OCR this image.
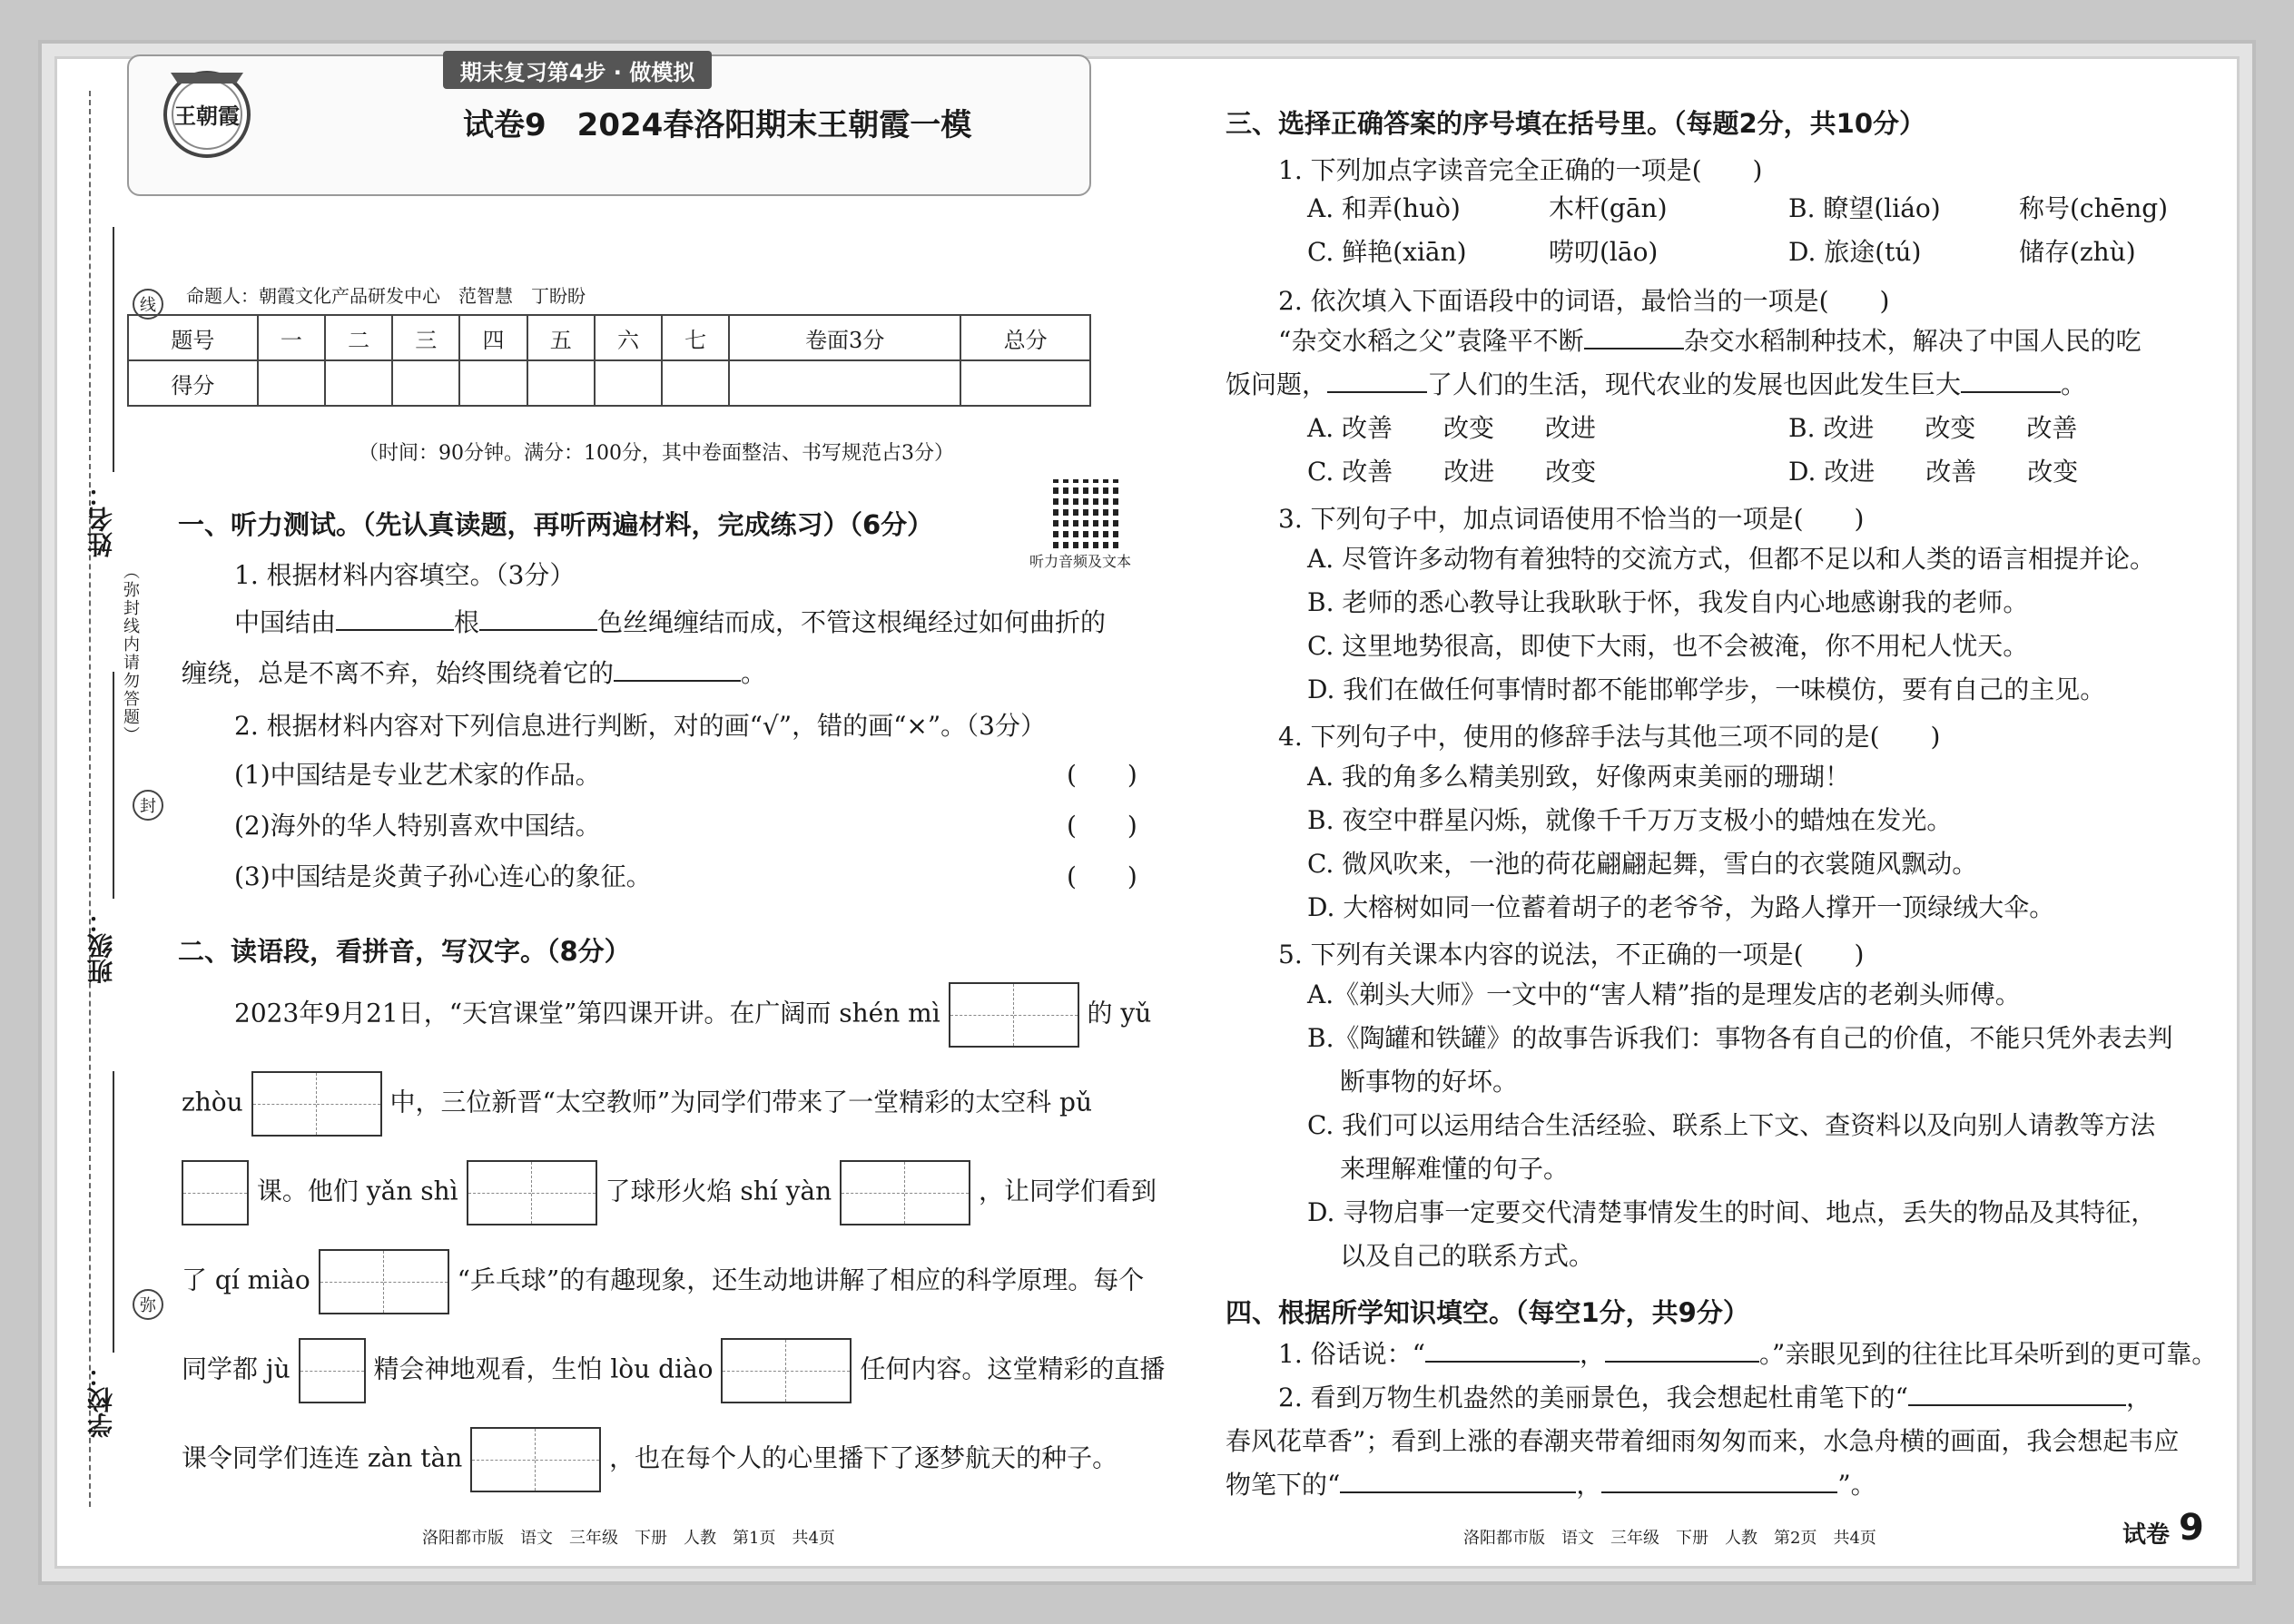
线
封
弥
（弥封线内请勿答题）
姓名：
班级：
学校：
期末复习第4步 · 做模拟
王朝霞	试卷9　2024春洛阳期末王朝霞一模
命题人：朝霞文化产品研发中心　范智慧　丁盼盼
题号	一	二	三	四	五	六	七	卷面3分	总分
得分									
（时间：90分钟。满分：100分，其中卷面整洁、书写规范占3分）
听力音频及文本
一、听力测试。（先认真读题，再听两遍材料，完成练习）（6分）
1. 根据材料内容填空。（3分）
中国结由	根	色丝绳缠结而成，不管这根绳经过如何曲折的
缠绕，总是不离不弃，始终围绕着它的	。
2. 根据材料内容对下列信息进行判断，对的画“√”，错的画“×”。（3分）
(1)中国结是专业艺术家的作品。	(　　)
(2)海外的华人特别喜欢中国结。	(　　)
(3)中国结是炎黄子孙心连心的象征。	(　　)
二、读语段，看拼音，写汉字。（8分）
2023年9月21日，“天宫课堂”第四课开讲。在广阔而 shén mì	的 yǔ
zhòu	中，三位新晋“太空教师”为同学们带来了一堂精彩的太空科 pǔ
课。他们 yǎn shì	了球形火焰 shí yàn	，让同学们看到
了 qí miào	“乒乓球”的有趣现象，还生动地讲解了相应的科学原理。每个
同学都 jù	精会神地观看，生怕 lòu diào	任何内容。这堂精彩的直播
课令同学们连连 zàn tàn	，也在每个人的心里播下了逐梦航天的种子。
三、选择正确答案的序号填在括号里。（每题2分，共10分）
1. 下列加点字读音完全正确的一项是(　　)
A. 和弄(huò)	木杆(gān)	B. 瞭望(liáo)	称号(chēng)
C. 鲜艳(xiān)	唠叨(lāo)	D. 旅途(tú)	储存(zhù)
2. 依次填入下面语段中的词语，最恰当的一项是(　　)
“杂交水稻之父”袁隆平不断	杂交水稻制种技术，解决了中国人民的吃
饭问题，	了人们的生活，现代农业的发展也因此发生巨大	。
A. 改善　　改变　　改进	B. 改进　　改变　　改善
C. 改善　　改进　　改变	D. 改进　　改善　　改变
3. 下列句子中，加点词语使用不恰当的一项是(　　)
A. 尽管许多动物有着独特的交流方式，但都不足以和人类的语言相提并论。
B. 老师的悉心教导让我耿耿于怀，我发自内心地感谢我的老师。
C. 这里地势很高，即使下大雨，也不会被淹，你不用杞人忧天。
D. 我们在做任何事情时都不能邯郸学步，一味模仿，要有自己的主见。
4. 下列句子中，使用的修辞手法与其他三项不同的是(　　)
A. 我的角多么精美别致，好像两束美丽的珊瑚！
B. 夜空中群星闪烁，就像千千万万支极小的蜡烛在发光。
C. 微风吹来，一池的荷花翩翩起舞，雪白的衣裳随风飘动。
D. 大榕树如同一位蓄着胡子的老爷爷，为路人撑开一顶绿绒大伞。
5. 下列有关课本内容的说法，不正确的一项是(　　)
A.《剃头大师》一文中的“害人精”指的是理发店的老剃头师傅。
B.《陶罐和铁罐》的故事告诉我们：事物各有自己的价值，不能只凭外表去判
断事物的好坏。
C. 我们可以运用结合生活经验、联系上下文、查资料以及向别人请教等方法
来理解难懂的句子。
D. 寻物启事一定要交代清楚事情发生的时间、地点，丢失的物品及其特征，
以及自己的联系方式。
四、根据所学知识填空。（每空1分，共9分）
1. 俗话说：“	，	。”亲眼见到的往往比耳朵听到的更可靠。
2. 看到万物生机盎然的美丽景色，我会想起杜甫笔下的“	，
春风花草香”；看到上涨的春潮夹带着细雨匆匆而来，水急舟横的画面，我会想起韦应
物笔下的“	，	”。
洛阳都市版　语文　三年级　下册　人教　第1页　共4页	洛阳都市版　语文　三年级　下册　人教　第2页　共4页	试卷 9
